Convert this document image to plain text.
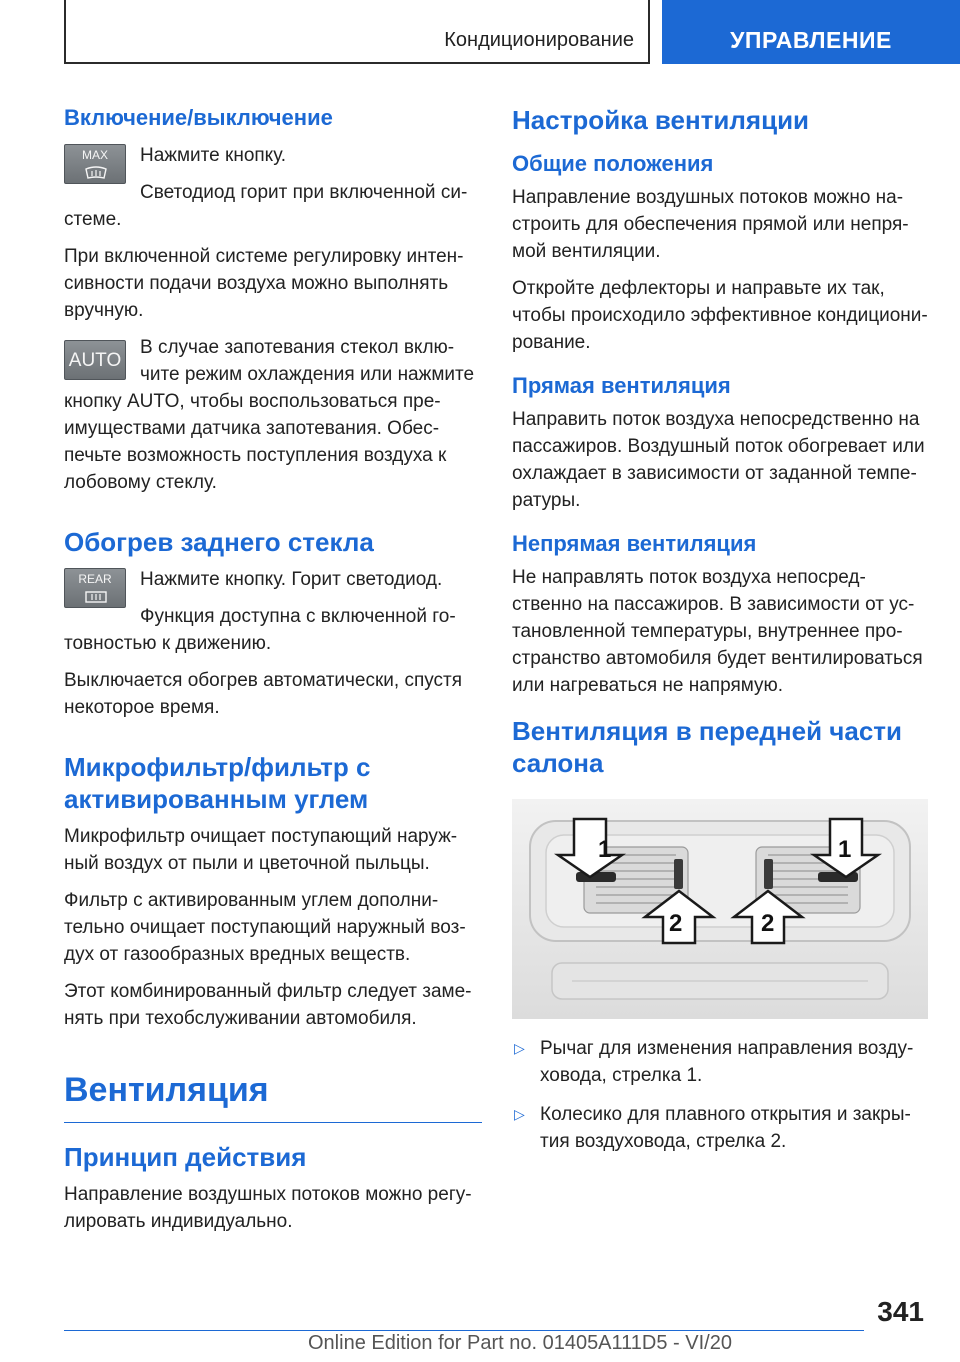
Кондиционирование	УПРАВЛЕНИЕ
Включение/выключение
MAX	Нажмите кнопку.

Светодиод горит при включенной си-стеме.

При включенной системе регулировку интен-сивности подачи воздуха можно выполнять вручную.

AUTO

В случае запотевания стекол вклю-чите режим охлаждения или нажмите кнопку AUTO, чтобы воспользоваться пре-имуществами датчика запотевания. Обес-печьте возможность поступления воздуха к лобовому стеклу.

Обогрев заднего стекла
REAR	Нажмите кнопку. Горит светодиод.

Функция доступна с включенной го-товностью к движению.

Выключается обогрев автоматически, спустя некоторое время.

Микрофильтр/фильтр с активированным углем

Микрофильтр очищает поступающий наруж-ный воздух от пыли и цветочной пыльцы.

Фильтр с активированным углем дополни-тельно очищает поступающий наружный воз-дух от газообразных вредных веществ.

Этот комбинированный фильтр следует заме-нять при техобслуживании автомобиля.

Вентиляция
Принцип действия

Направление воздушных потоков можно регу-лировать индивидуально.

Настройка вентиляции
Общие положения

Направление воздушных потоков можно на-строить для обеспечения прямой или непря-мой вентиляции.

Откройте дефлекторы и направьте их так, чтобы происходило эффективное кондициони-рование.

Прямая вентиляция

Направить поток воздуха непосредственно на пассажиров. Воздушный поток обогревает или охлаждает в зависимости от заданной темпе-ратуры.

Непрямая вентиляция

Не направлять поток воздуха непосред-ственно на пассажиров. В зависимости от ус-тановленной температуры, внутреннее про-странство автомобиля будет вентилироваться или нагреваться не напрямую.

Вентиляция в передней части салона
1	1
2	2
▷ Рычаг для изменения направления возду-ховода, стрелка 1.
▷ Колесико для плавного открытия и закры-тия воздуховода, стрелка 2.
341
Online Edition for Part no. 01405A111D5 - VI/20
